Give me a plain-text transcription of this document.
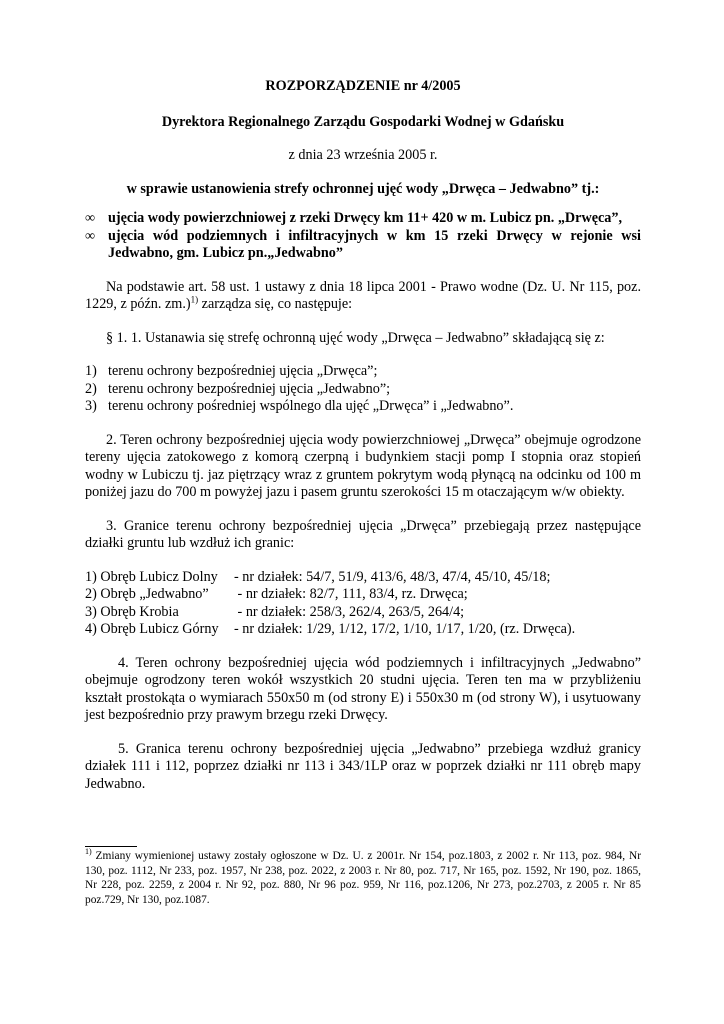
ROZPORZĄDZENIE nr 4/2005

Dyrektora Regionalnego Zarządu Gospodarki Wodnej w Gdańsku

z dnia 23 września 2005 r.

w sprawie ustanowienia strefy ochronnej ujęć wody „Drwęca – Jedwabno” tj.:

∞ ujęcia wody powierzchniowej z rzeki Drwęcy km 11+ 420 w m. Lubicz pn. „Drwęca”,
∞ ujęcia wód podziemnych i infiltracyjnych w km 15 rzeki Drwęcy w rejonie wsi Jedwabno, gm. Lubicz pn.„Jedwabno”

Na podstawie art. 58 ust. 1 ustawy z dnia 18 lipca 2001 - Prawo wodne (Dz. U. Nr 115, poz. 1229, z późn. zm.)$^{1)}$ zarządza się, co następuje:

§ 1. 1. Ustanawia się strefę ochronną ujęć wody „Drwęca – Jedwabno” składającą się z:

1) terenu ochrony bezpośredniej ujęcia „Drwęca”;
2) terenu ochrony bezpośredniej ujęcia „Jedwabno”;
3) terenu ochrony pośredniej wspólnego dla ujęć „Drwęca” i „Jedwabno”.

2. Teren ochrony bezpośredniej ujęcia wody powierzchniowej „Drwęca” obejmuje ogrodzone tereny ujęcia zatokowego z komorą czerpną i budynkiem stacji pomp I stopnia oraz stopień wodny w Lubiczu tj. jaz piętrzący wraz z gruntem pokrytym wodą płynącą na odcinku od 100 m poniżej jazu do 700 m powyżej jazu i pasem gruntu szerokości 15 m otaczającym w/w obiekty.

3. Granice terenu ochrony bezpośredniej ujęcia „Drwęca” przebiegają przez następujące działki gruntu lub wzdłuż ich granic:

1) Obręb Lubicz Dolny - nr działek: 54/7, 51/9, 413/6, 48/3, 47/4, 45/10, 45/18;
2) Obręb „Jedwabno” - nr działek: 82/7, 111, 83/4, rz. Drwęca;
3) Obręb Krobia	- nr działek: 258/3, 262/4, 263/5, 264/4;
4) Obręb Lubicz Górny - nr działek: 1/29, 1/12, 17/2, 1/10, 1/17, 1/20, (rz. Drwęca).

4. Teren ochrony bezpośredniej ujęcia wód podziemnych i infiltracyjnych „Jedwabno” obejmuje ogrodzony teren wokół wszystkich 20 studni ujęcia. Teren ten ma w przybliżeniu kształt prostokąta o wymiarach 550x50 m (od strony E) i 550x30 m (od strony W), i usytuowany jest bezpośrednio przy prawym brzegu rzeki Drwęcy.

5. Granica terenu ochrony bezpośredniej ujęcia „Jedwabno” przebiega wzdłuż granicy działek 111 i 112, poprzez działki nr 113 i 343/1LP oraz w poprzek działki nr 111 obręb mapy Jedwabno.

$^{1)}$ Zmiany wymienionej ustawy zostały ogłoszone w Dz. U. z 2001r. Nr 154, poz.1803, z 2002 r. Nr 113, poz. 984, Nr 130, poz. 1112, Nr 233, poz. 1957, Nr 238, poz. 2022, z 2003 r. Nr 80, poz. 717, Nr 165, poz. 1592, Nr 190, poz. 1865, Nr 228, poz. 2259, z 2004 r. Nr 92, poz. 880, Nr 96 poz. 959, Nr 116, poz.1206, Nr 273, poz.2703, z 2005 r. Nr 85 poz.729, Nr 130, poz.1087.
